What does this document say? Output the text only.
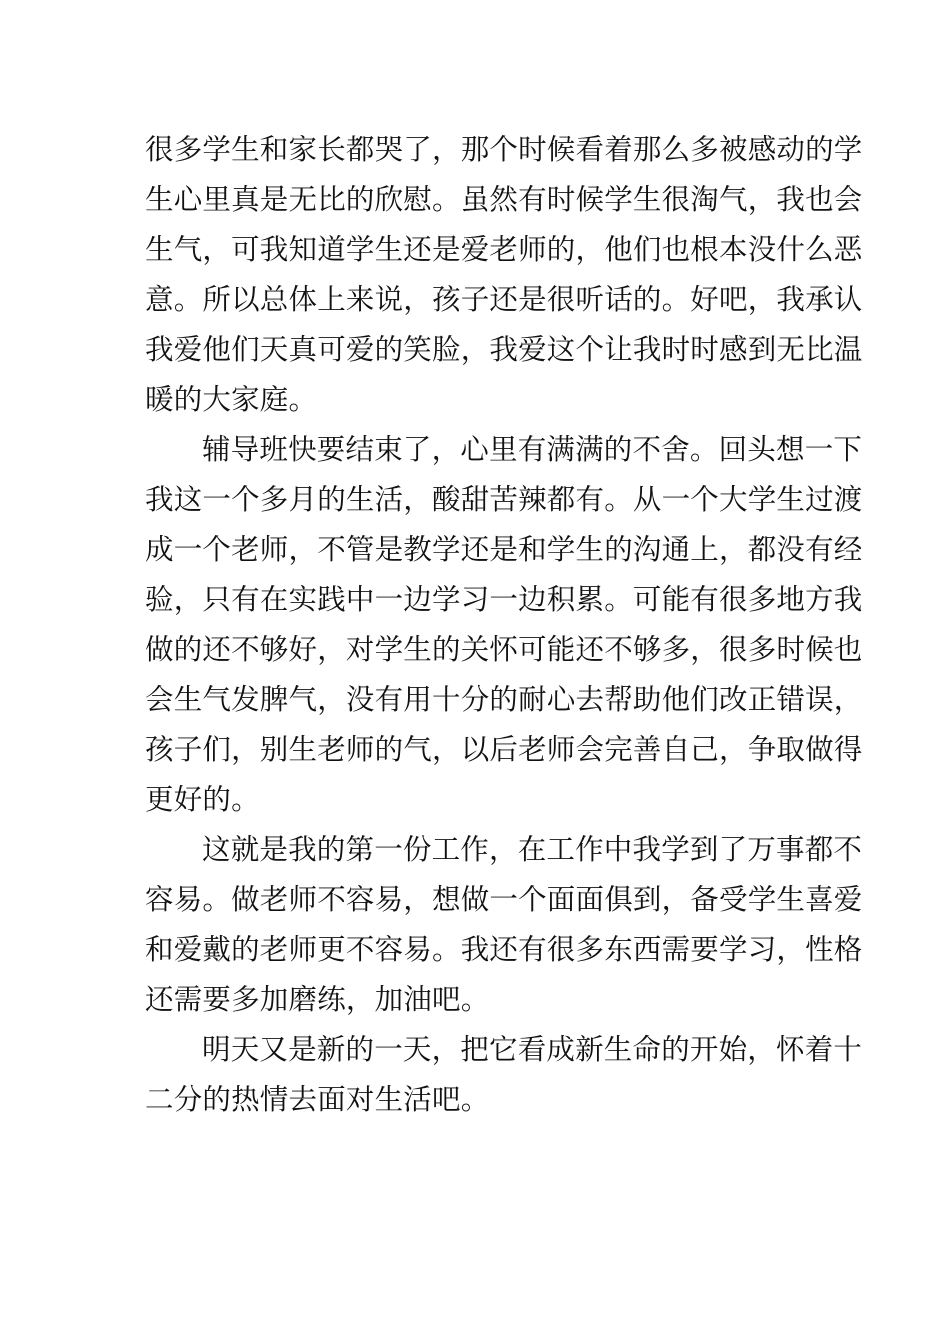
很多学生和家长都哭了，那个时候看着那么多被感动的学
生心里真是无比的欣慰。虽然有时候学生很淘气，我也会
生气，可我知道学生还是爱老师的，他们也根本没什么恶
意。所以总体上来说，孩子还是很听话的。好吧，我承认
我爱他们天真可爱的笑脸，我爱这个让我时时感到无比温
暖的大家庭。
辅导班快要结束了，心里有满满的不舍。回头想一下
我这一个多月的生活，酸甜苦辣都有。从一个大学生过渡
成一个老师，不管是教学还是和学生的沟通上，都没有经
验，只有在实践中一边学习一边积累。可能有很多地方我
做的还不够好，对学生的关怀可能还不够多，很多时候也
会生气发脾气，没有用十分的耐心去帮助他们改正错误，
孩子们，别生老师的气，以后老师会完善自己，争取做得
更好的。
这就是我的第一份工作，在工作中我学到了万事都不
容易。做老师不容易，想做一个面面俱到，备受学生喜爱
和爱戴的老师更不容易。我还有很多东西需要学习，性格
还需要多加磨练，加油吧。
明天又是新的一天，把它看成新生命的开始，怀着十
二分的热情去面对生活吧。
